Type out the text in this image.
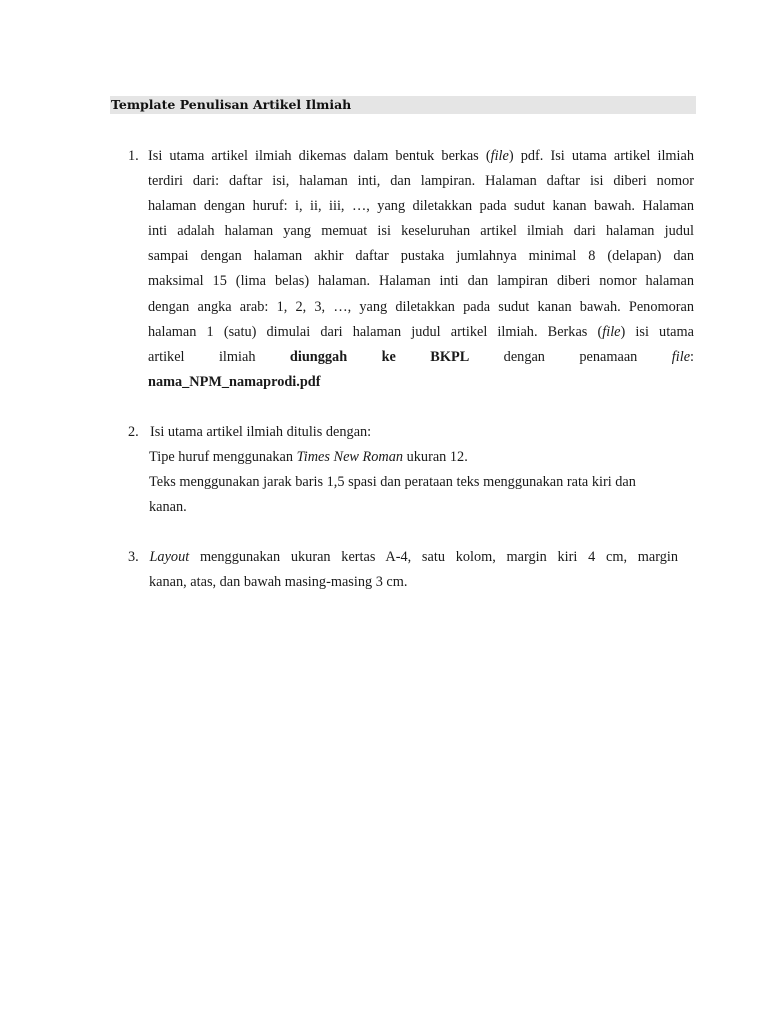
Template Penulisan Artikel Ilmiah
1. Isi utama artikel ilmiah dikemas dalam bentuk berkas (file) pdf. Isi utama artikel ilmiah
terdiri dari: daftar isi, halaman inti, dan lampiran. Halaman daftar isi diberi nomor
halaman dengan huruf: i, ii, iii, …, yang diletakkan pada sudut kanan bawah. Halaman
inti adalah halaman yang memuat isi keseluruhan artikel ilmiah dari halaman judul
sampai dengan halaman akhir daftar pustaka jumlahnya minimal 8 (delapan) dan
maksimal 15 (lima belas) halaman. Halaman inti dan lampiran diberi nomor halaman
dengan angka arab: 1, 2, 3, …, yang diletakkan pada sudut kanan bawah. Penomoran
halaman 1 (satu) dimulai dari halaman judul artikel ilmiah. Berkas (file) isi utama
artikel ilmiah diunggah ke BKPL dengan penamaan file:
nama_NPM_namaprodi.pdf
2. Isi utama artikel ilmiah ditulis dengan:
Tipe huruf menggunakan Times New Roman ukuran 12.
Teks menggunakan jarak baris 1,5 spasi dan perataan teks menggunakan rata kiri dan
kanan.
3. Layout menggunakan ukuran kertas A-4, satu kolom, margin kiri 4 cm, margin
kanan, atas, dan bawah masing-masing 3 cm.
